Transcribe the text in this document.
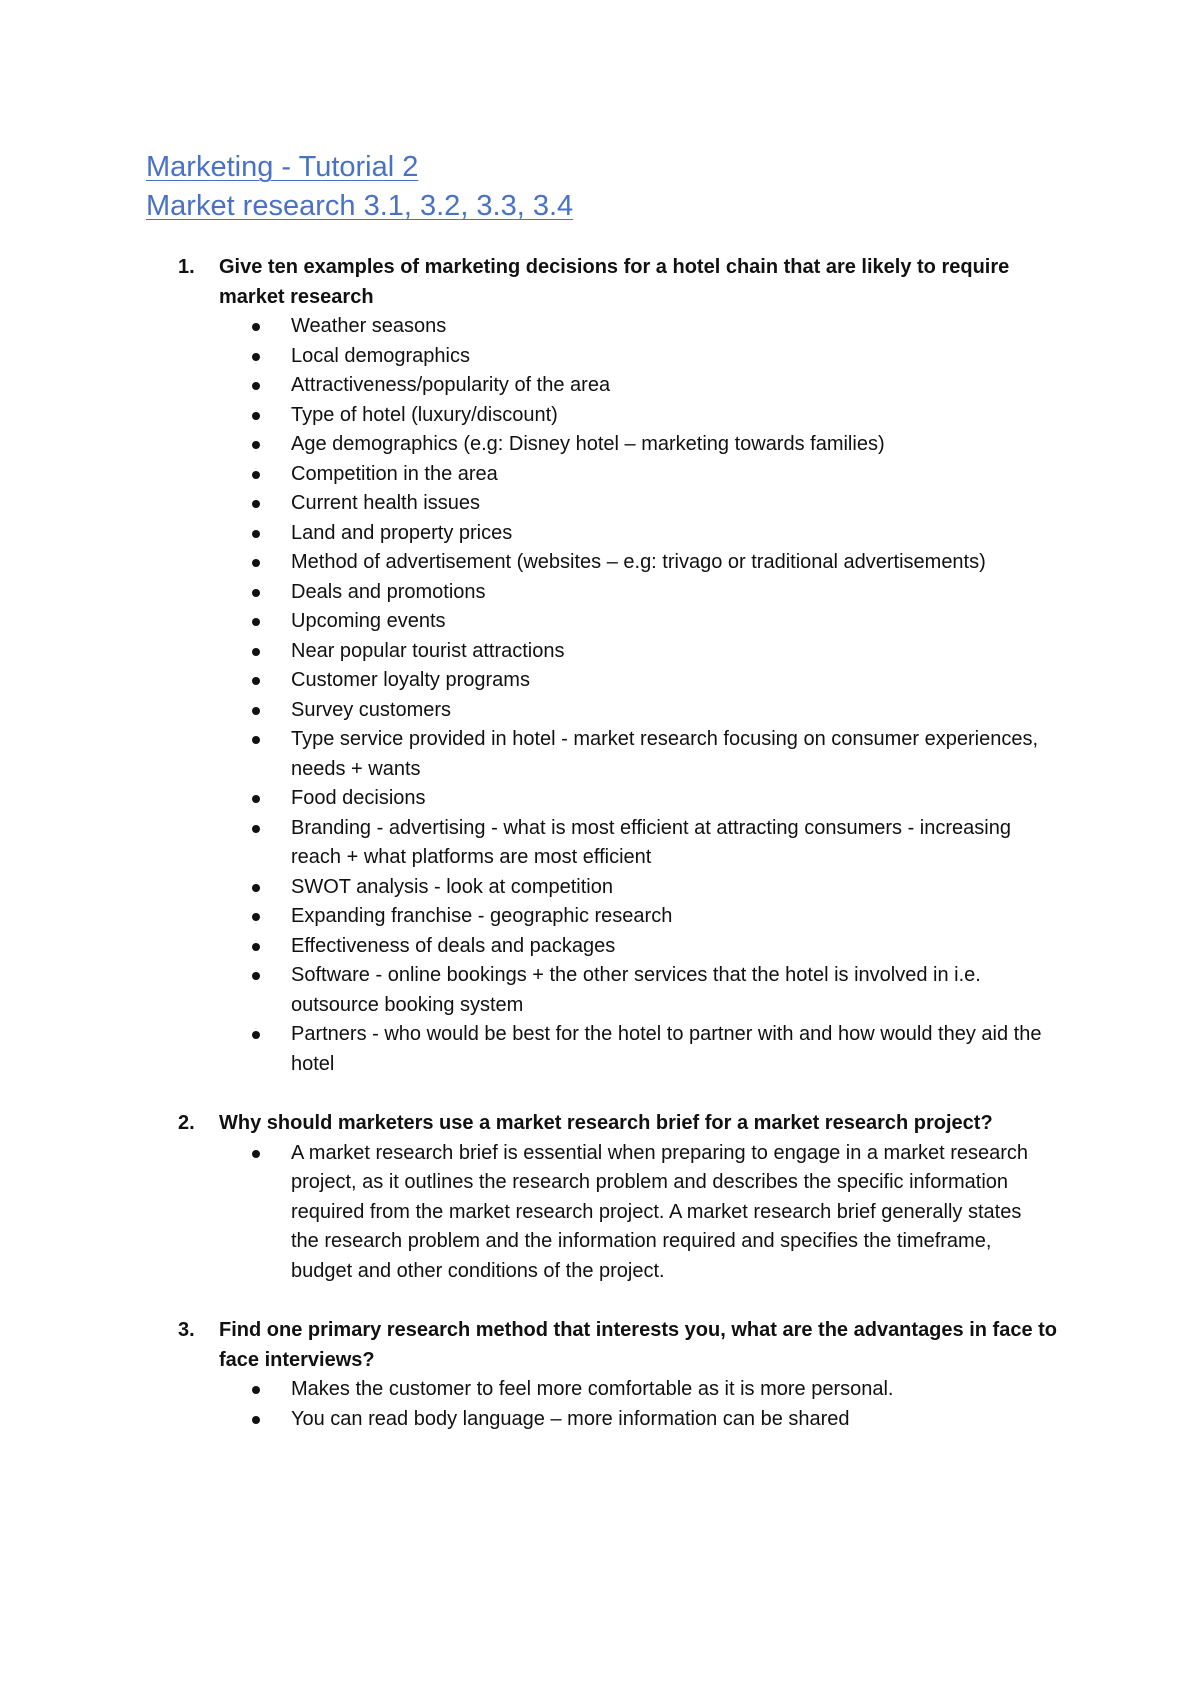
Marketing - Tutorial 2
Market research 3.1, 3.2, 3.3, 3.4
1. Give ten examples of marketing decisions for a hotel chain that are likely to require market research
Weather seasons
Local demographics
Attractiveness/popularity of the area
Type of hotel (luxury/discount)
Age demographics (e.g: Disney hotel – marketing towards families)
Competition in the area
Current health issues
Land and property prices
Method of advertisement (websites – e.g: trivago or traditional advertisements)
Deals and promotions
Upcoming events
Near popular tourist attractions
Customer loyalty programs
Survey customers
Type service provided in hotel - market research focusing on consumer experiences, needs + wants
Food decisions
Branding - advertising - what is most efficient at attracting consumers - increasing reach + what platforms are most efficient
SWOT analysis - look at competition
Expanding franchise - geographic research
Effectiveness of deals and packages
Software - online bookings + the other services that the hotel is involved in i.e. outsource booking system
Partners - who would be best for the hotel to partner with and how would they aid the hotel
2. Why should marketers use a market research brief for a market research project?
A market research brief is essential when preparing to engage in a market research project, as it outlines the research problem and describes the specific information required from the market research project. A market research brief generally states the research problem and the information required and specifies the timeframe, budget and other conditions of the project.
3. Find one primary research method that interests you, what are the advantages in face to face interviews?
Makes the customer to feel more comfortable as it is more personal.
You can read body language – more information can be shared
